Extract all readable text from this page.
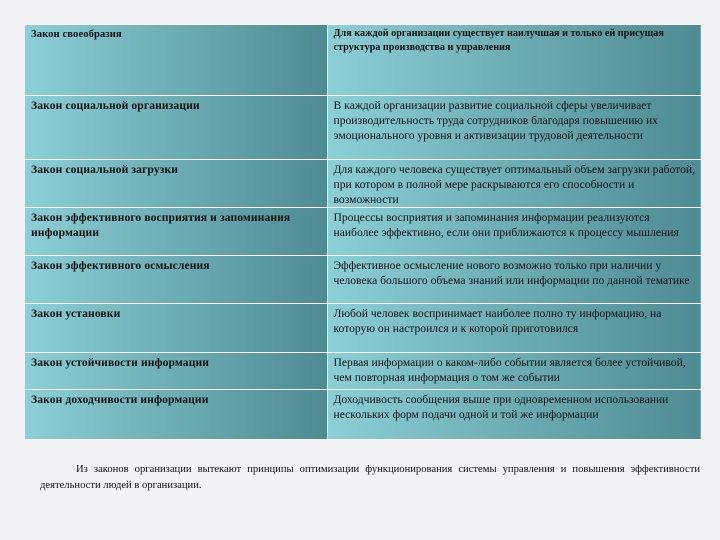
Закон своеобразия	Для каждой организации существует наилучшая и только ей присущая структура производства и управления

Закон социальной организации	В каждой организации развитие социальной сферы увеличивает производительность труда сотрудников благодаря повышению их эмоционального уровня и активизации трудовой деятельности

Закон социальной загрузки	Для каждого человека существует оптимальный объем загрузки работой, при котором в полной мере раскрываются его способности и возможности

Закон эффективного восприятия и запоминания информации	Процессы восприятия и запоминания информации реализуются наиболее эффективно, если они приближаются к процессу мышления

Закон эффективного осмысления	Эффективное осмысление нового возможно только при наличии у человека большого объема знаний или информации по данной тематике

Закон установки	Любой человек воспринимает наиболее полно ту информацию, на которую он настроился и к которой приготовился

Закон устойчивости информации	Первая информации о каком-либо событии является более устойчивой, чем повторная информация о том же событии

Закон доходчивости информации	Доходчивость сообщения выше при одновременном использовании нескольких форм подачи одной и той же информации

Из законов организации вытекают принципы оптимизации функционирования системы управления и повышения эффективности деятельности людей в организации.
